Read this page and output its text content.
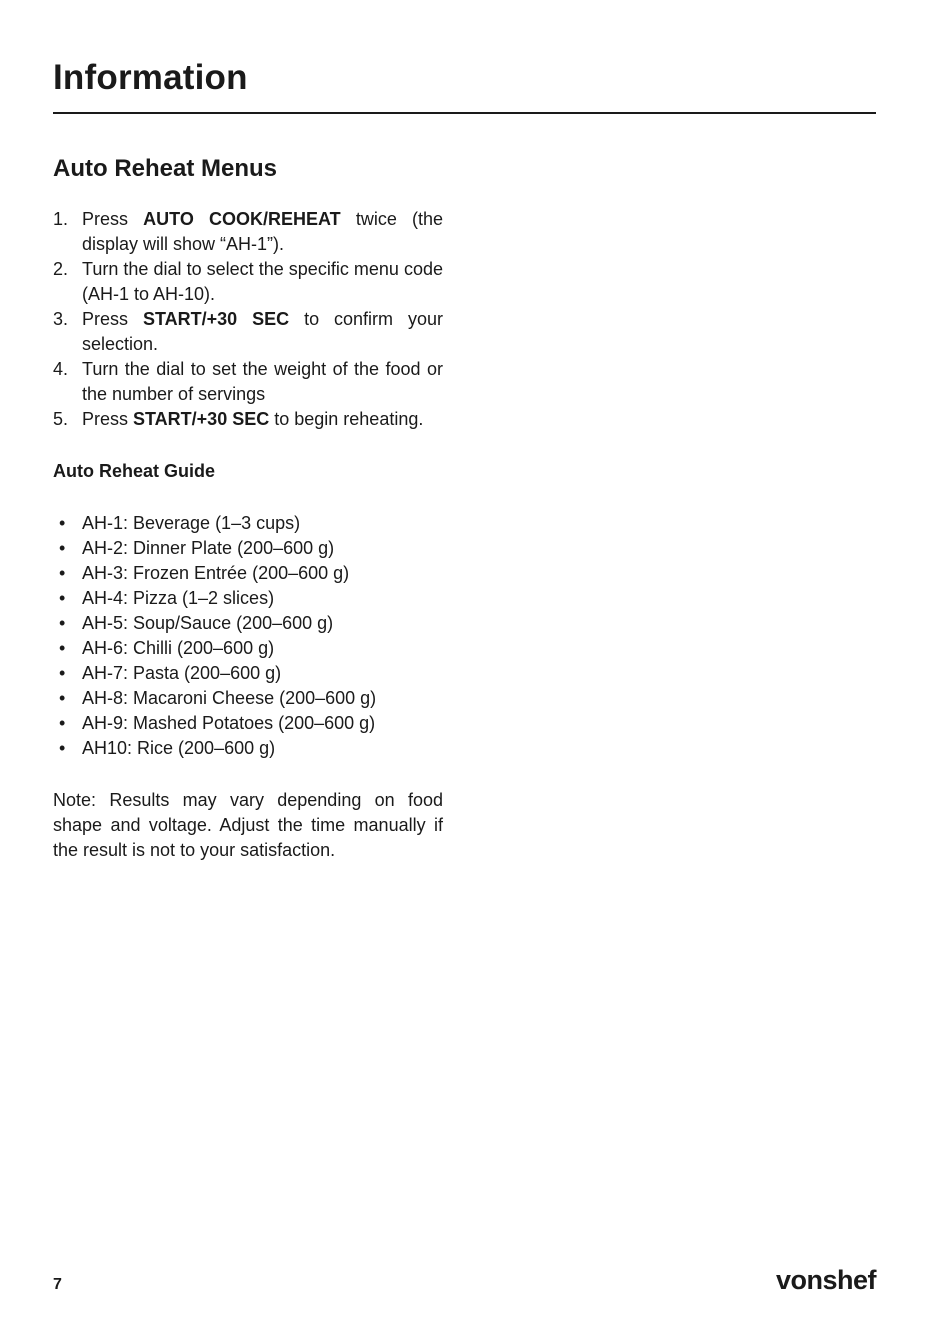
Information
Auto Reheat Menus
1. Press AUTO COOK/REHEAT twice (the display will show “AH-1”).
2. Turn the dial to select the specific menu code (AH-1 to AH-10).
3. Press START/+30 SEC to confirm your selection.
4. Turn the dial to set the weight of the food or the number of servings
5. Press START/+30 SEC to begin reheating.
Auto Reheat Guide
• AH-1: Beverage (1–3 cups)
• AH-2: Dinner Plate (200–600 g)
• AH-3: Frozen Entrée (200–600 g)
• AH-4: Pizza (1–2 slices)
• AH-5: Soup/Sauce (200–600 g)
• AH-6: Chilli (200–600 g)
• AH-7: Pasta (200–600 g)
• AH-8: Macaroni Cheese (200–600 g)
• AH-9: Mashed Potatoes (200–600 g)
• AH10: Rice (200–600 g)

Note: Results may vary depending on food shape and voltage. Adjust the time manually if the result is not to your satisfaction.

7	vonshef
